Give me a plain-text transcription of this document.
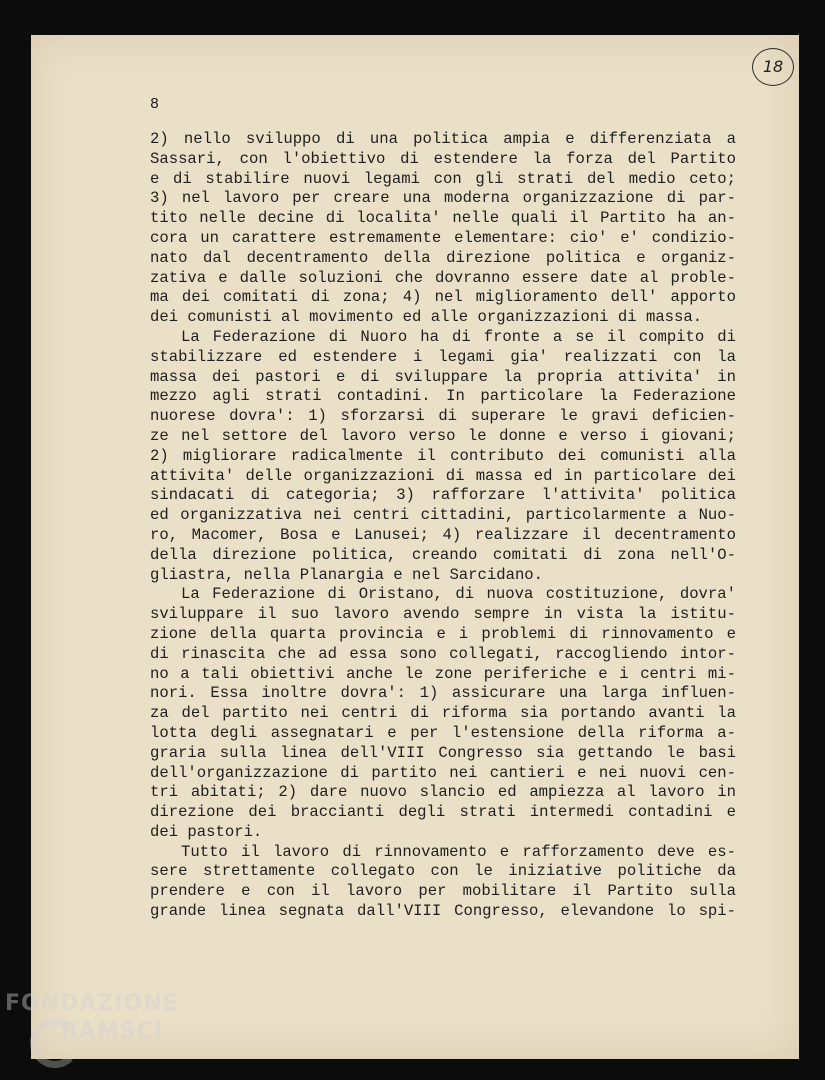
18
8
2) nello sviluppo di una politica ampia e differenziata a
Sassari, con l'obiettivo di estendere la forza del Partito
e di stabilire nuovi legami con gli strati del medio ceto;
3) nel lavoro per creare una moderna organizzazione di par-
tito nelle decine di localita' nelle quali il Partito ha an-
cora un carattere estremamente elementare: cio' e' condizio-
nato dal decentramento della direzione politica e organiz-
zativa e dalle soluzioni che dovranno essere date al proble-
ma dei comitati di zona; 4) nel miglioramento dell' apporto
dei comunisti al movimento ed alle organizzazioni di massa.
La Federazione di Nuoro ha di fronte a se il compito di
stabilizzare ed estendere i legami gia' realizzati con la
massa dei pastori e di sviluppare la propria attivita' in
mezzo agli strati contadini. In particolare la Federazione
nuorese dovra': 1) sforzarsi di superare le gravi deficien-
ze nel settore del lavoro verso le donne e verso i giovani;
2) migliorare radicalmente il contributo dei comunisti alla
attivita' delle organizzazioni di massa ed in particolare dei
sindacati di categoria; 3) rafforzare l'attivita' politica
ed organizzativa nei centri cittadini, particolarmente a Nuo-
ro, Macomer, Bosa e Lanusei; 4) realizzare il decentramento
della direzione politica, creando comitati di zona nell'O-
gliastra, nella Planargia e nel Sarcidano.
La Federazione di Oristano, di nuova costituzione, dovra'
sviluppare il suo lavoro avendo sempre in vista la istitu-
zione della quarta provincia e i problemi di rinnovamento e
di rinascita che ad essa sono collegati, raccogliendo intor-
no a tali obiettivi anche le zone periferiche e i centri mi-
nori. Essa inoltre dovra': 1) assicurare una larga influen-
za del partito nei centri di riforma sia portando avanti la
lotta degli assegnatari e per l'estensione della riforma a-
graria sulla linea dell'VIII Congresso sia gettando le basi
dell'organizzazione di partito nei cantieri e nei nuovi cen-
tri abitati; 2) dare nuovo slancio ed ampiezza al lavoro in
direzione dei braccianti degli strati intermedi contadini e
dei pastori.
Tutto il lavoro di rinnovamento e rafforzamento deve es-
sere strettamente collegato con le iniziative politiche da
prendere e con il lavoro per mobilitare il Partito sulla
grande linea segnata dall'VIII Congresso, elevandone lo spi-
FONDAZIONE
RAMSCI
